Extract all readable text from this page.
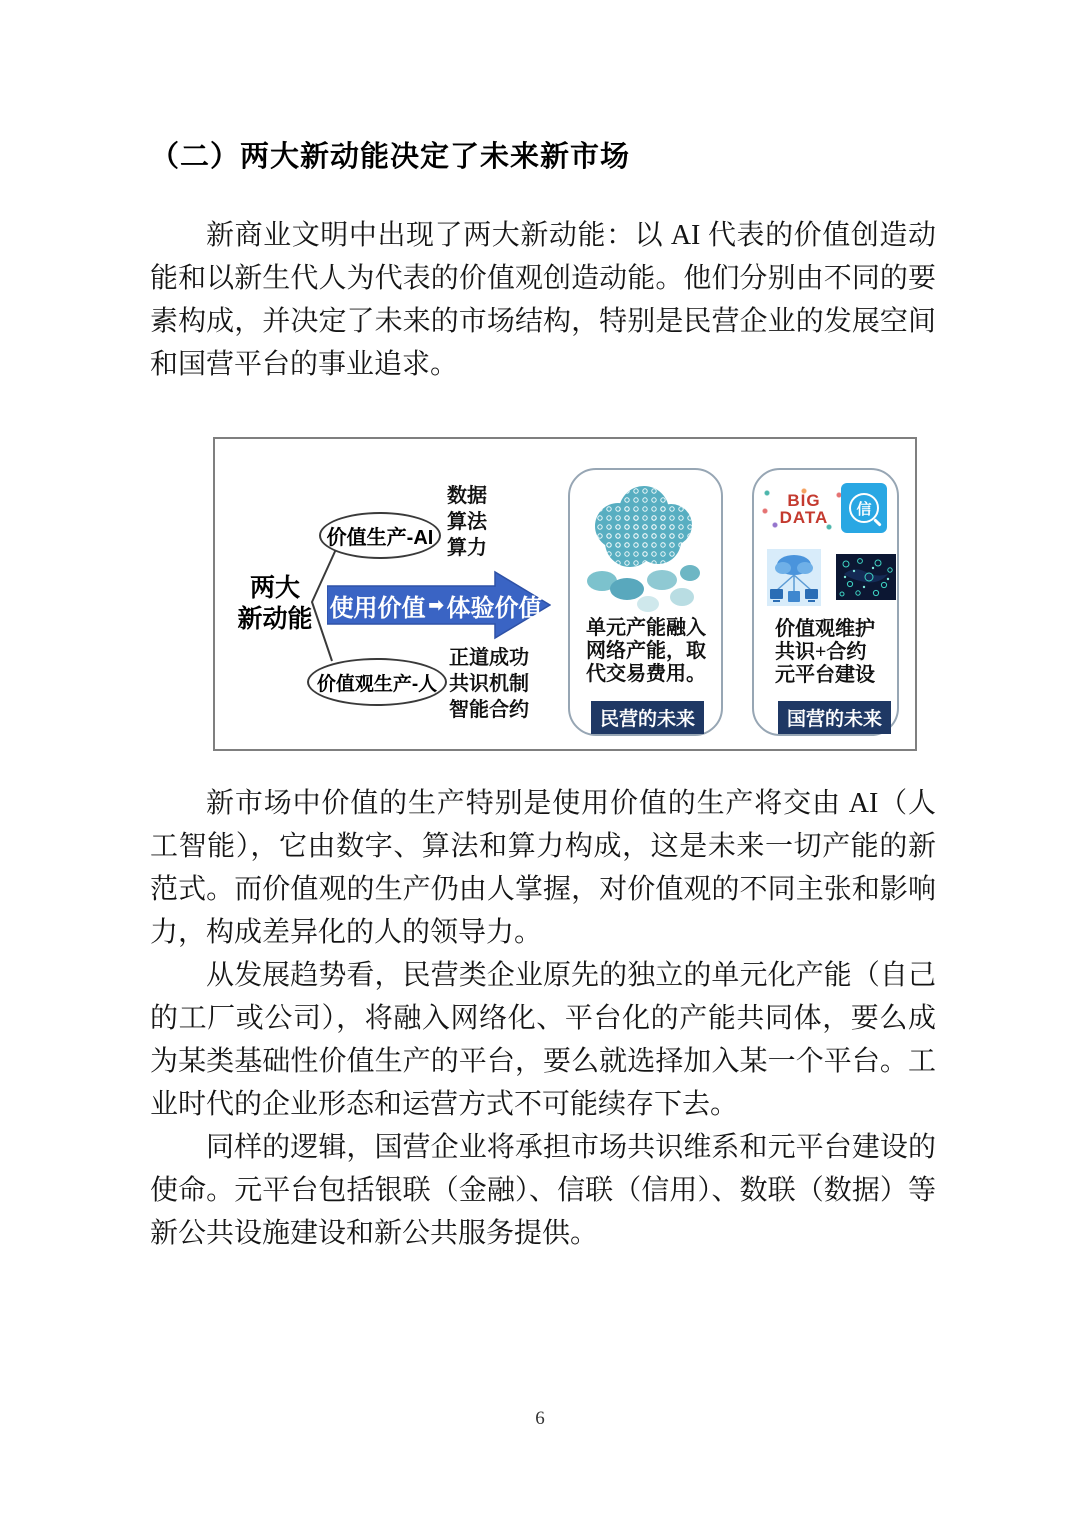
（二）两大新动能决定了未来新市场

新商业文明中出现了两大新动能：以 AI 代表的价值创造动能和以新生代人为代表的价值观创造动能。他们分别由不同的要素构成，并决定了未来的市场结构，特别是民营企业的发展空间和国营平台的事业追求。

两大
新动能
价值生产-AI
数据
算法
算力
使用价值 ➡ 体验价值
价值观生产-人
正道成功
共识机制
智能合约
单元产能融入
网络产能，取
代交易费用。
民营的未来
BIG
DATA	信
价值观维护
共识+合约
元平台建设
国营的未来

新市场中价值的生产特别是使用价值的生产将交由 AI（人工智能），它由数字、算法和算力构成，这是未来一切产能的新范式。而价值观的生产仍由人掌握，对价值观的不同主张和影响力，构成差异化的人的领导力。

从发展趋势看，民营类企业原先的独立的单元化产能（自己的工厂或公司），将融入网络化、平台化的产能共同体，要么成为某类基础性价值生产的平台，要么就选择加入某一个平台。工业时代的企业形态和运营方式不可能续存下去。

同样的逻辑，国营企业将承担市场共识维系和元平台建设的使命。元平台包括银联（金融）、信联（信用）、数联（数据）等新公共设施建设和新公共服务提供。

6
